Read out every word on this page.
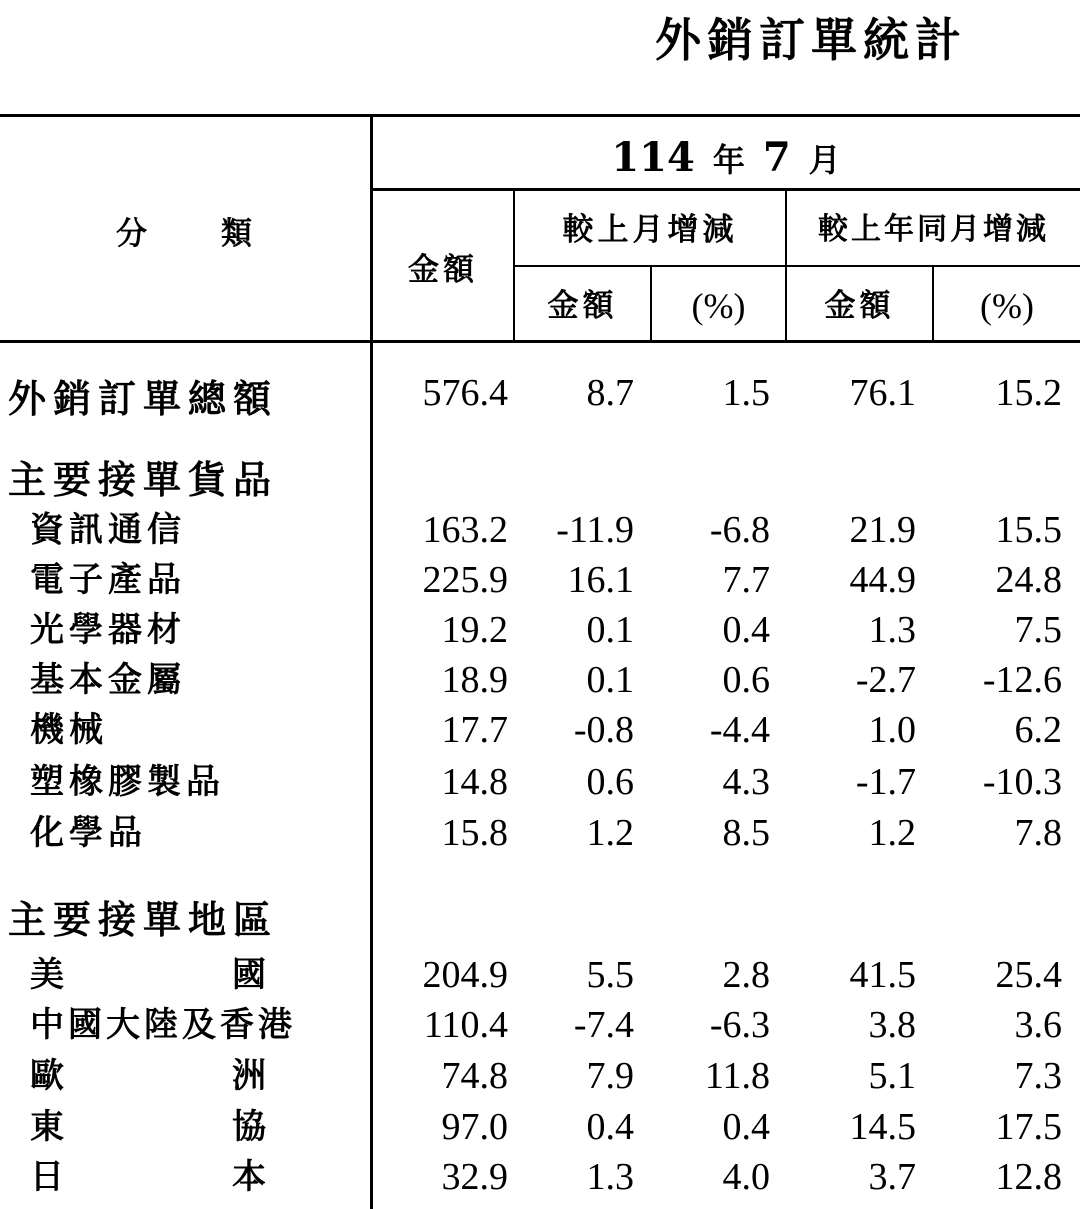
外銷訂單統計
分　　類
114 年 7 月
金額
較上月增減	較上年同月增減
金額	(%)	金額	(%)
外銷訂單總額	576.4 8.7 1.5 76.1 15.2
主要接單貨品
資訊通信	163.2 -11.9 -6.8 21.9 15.5
電子產品	225.9 16.1 7.7 44.9 24.8
光學器材	19.2 0.1 0.4	1.3	7.5
基本金屬	18.9 0.1 0.6 -2.7 -12.6
機械	17.7 -0.8 -4.4	1.0	6.2
塑橡膠製品	14.8 0.6 4.3 -1.7 -10.3
化學品	15.8 1.2 8.5	1.2	7.8
主要接單地區
美	國	204.9 5.5 2.8 41.5 25.4
中國大陸及香港	110.4 -7.4 -6.3	3.8	3.6
歐	洲	74.8 7.9 11.8	5.1	7.3
東	協	97.0 0.4 0.4 14.5 17.5
日	本	32.9 1.3 4.0	3.7 12.8
